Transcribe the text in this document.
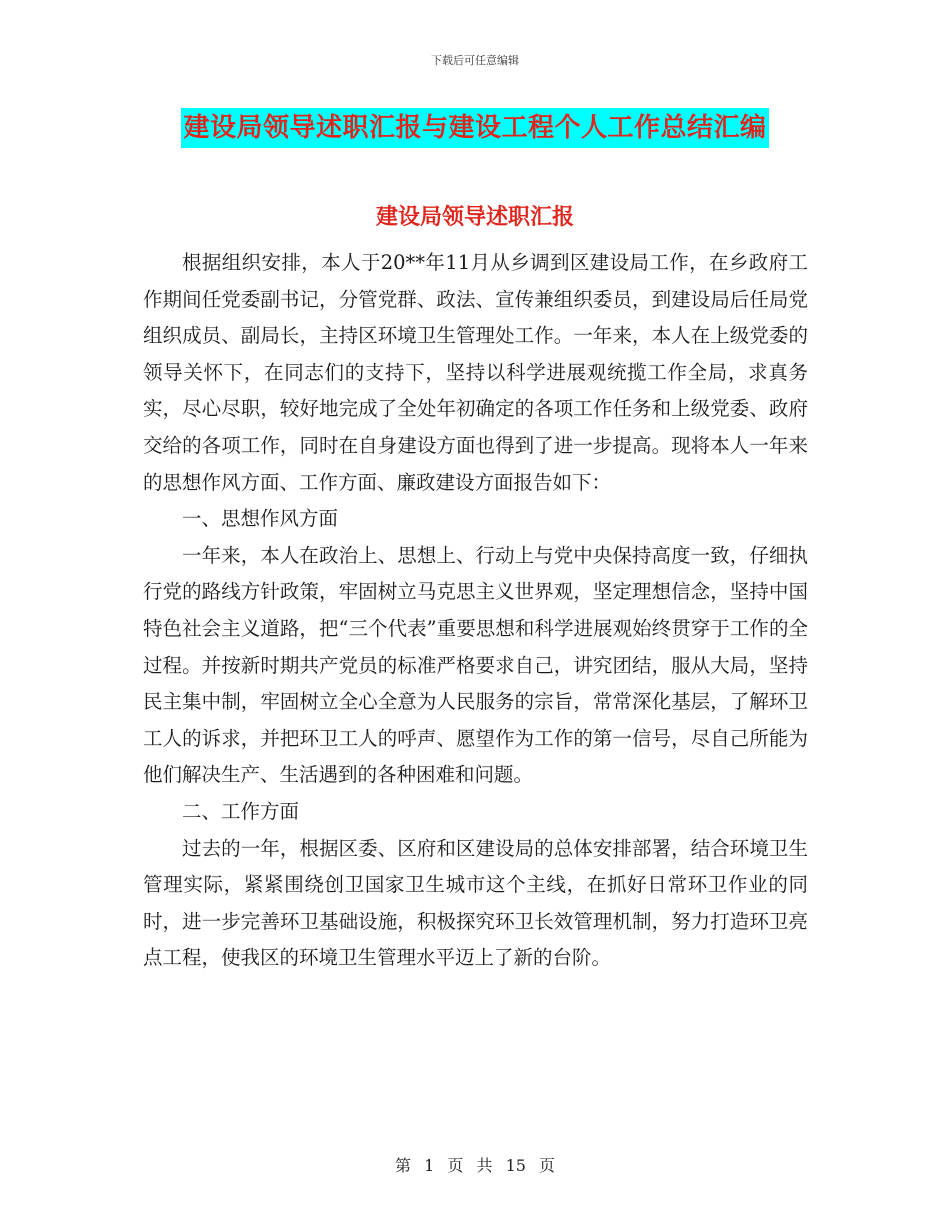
下载后可任意编辑
建设局领导述职汇报与建设工程个人工作总结汇编
建设局领导述职汇报

根据组织安排，本人于20**年11月从乡调到区建设局工作，在乡政府工作期间任党委副书记，分管党群、政法、宣传兼组织委员，到建设局后任局党组织成员、副局长，主持区环境卫生管理处工作。一年来，本人在上级党委的领导关怀下，在同志们的支持下，坚持以科学进展观统揽工作全局，求真务实，尽心尽职，较好地完成了全处年初确定的各项工作任务和上级党委、政府交给的各项工作，同时在自身建设方面也得到了进一步提高。现将本人一年来的思想作风方面、工作方面、廉政建设方面报告如下：

一、思想作风方面

一年来，本人在政治上、思想上、行动上与党中央保持高度一致，仔细执行党的路线方针政策，牢固树立马克思主义世界观，坚定理想信念，坚持中国特色社会主义道路，把“三个代表”重要思想和科学进展观始终贯穿于工作的全过程。并按新时期共产党员的标准严格要求自己，讲究团结，服从大局，坚持民主集中制，牢固树立全心全意为人民服务的宗旨，常常深化基层，了解环卫工人的诉求，并把环卫工人的呼声、愿望作为工作的第一信号，尽自己所能为他们解决生产、生活遇到的各种困难和问题。

二、工作方面

过去的一年，根据区委、区府和区建设局的总体安排部署，结合环境卫生管理实际，紧紧围绕创卫国家卫生城市这个主线，在抓好日常环卫作业的同时，进一步完善环卫基础设施，积极探究环卫长效管理机制，努力打造环卫亮点工程，使我区的环境卫生管理水平迈上了新的台阶。

第 1 页 共 15 页
